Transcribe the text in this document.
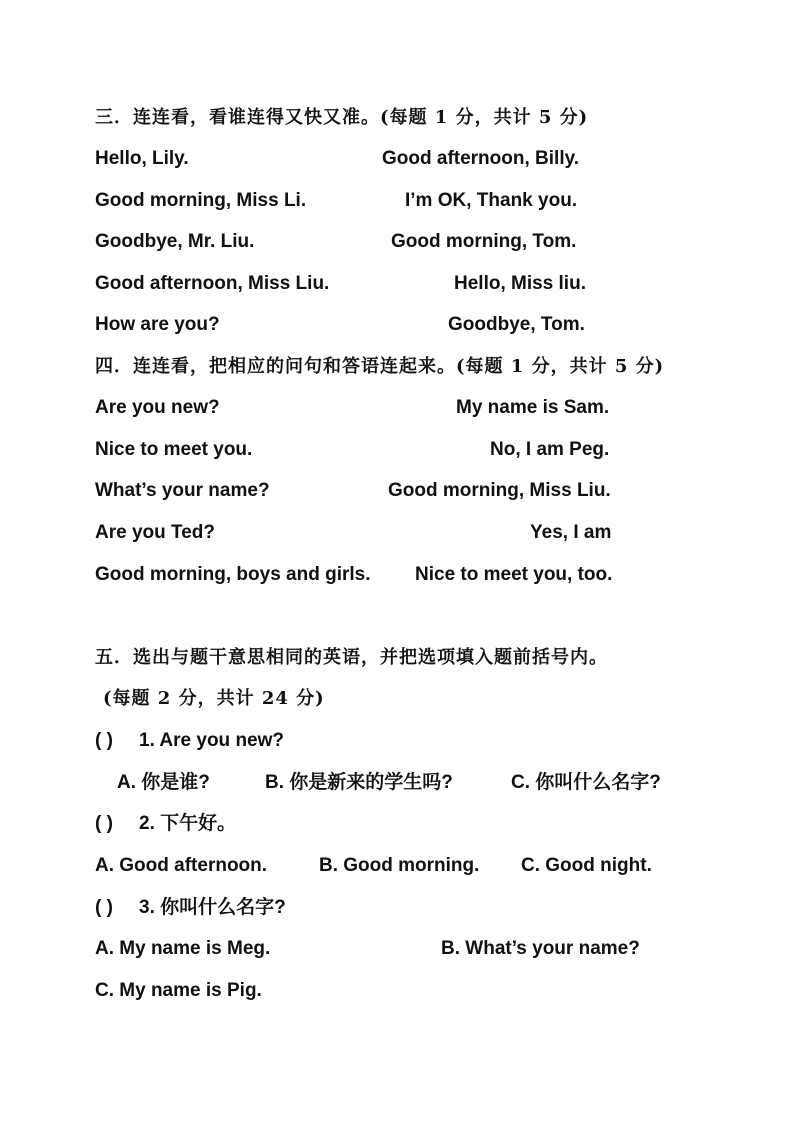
三．连连看，看谁连得又快又准。(每题 1 分，共计 5 分)
Hello, Lily.	Good afternoon, Billy.
Good morning, Miss Li.	I’m OK, Thank you.
Goodbye, Mr. Liu.	Good morning, Tom.
Good afternoon, Miss Liu.	Hello, Miss liu.
How are you?	Goodbye, Tom.
四．连连看，把相应的问句和答语连起来。(每题 1 分，共计 5 分)
Are you new?	My name is Sam.
Nice to meet you.	No, I am Peg.
What’s your name?	Good morning, Miss Liu.
Are you Ted?	Yes, I am
Good morning, boys and girls. Nice to meet you, too.
五．选出与题干意思相同的英语，并把选项填入题前括号内。
(每题 2 分，共计 24 分)
( ) 1. Are you new?
A. 你是谁?	B. 你是新来的学生吗?	C. 你叫什么名字?
( ) 2. 下午好。
A. Good afternoon.	B. Good morning. C. Good night.
( ) 3. 你叫什么名字?
A. My name is Meg.	B. What’s your name?
C. My name is Pig.
